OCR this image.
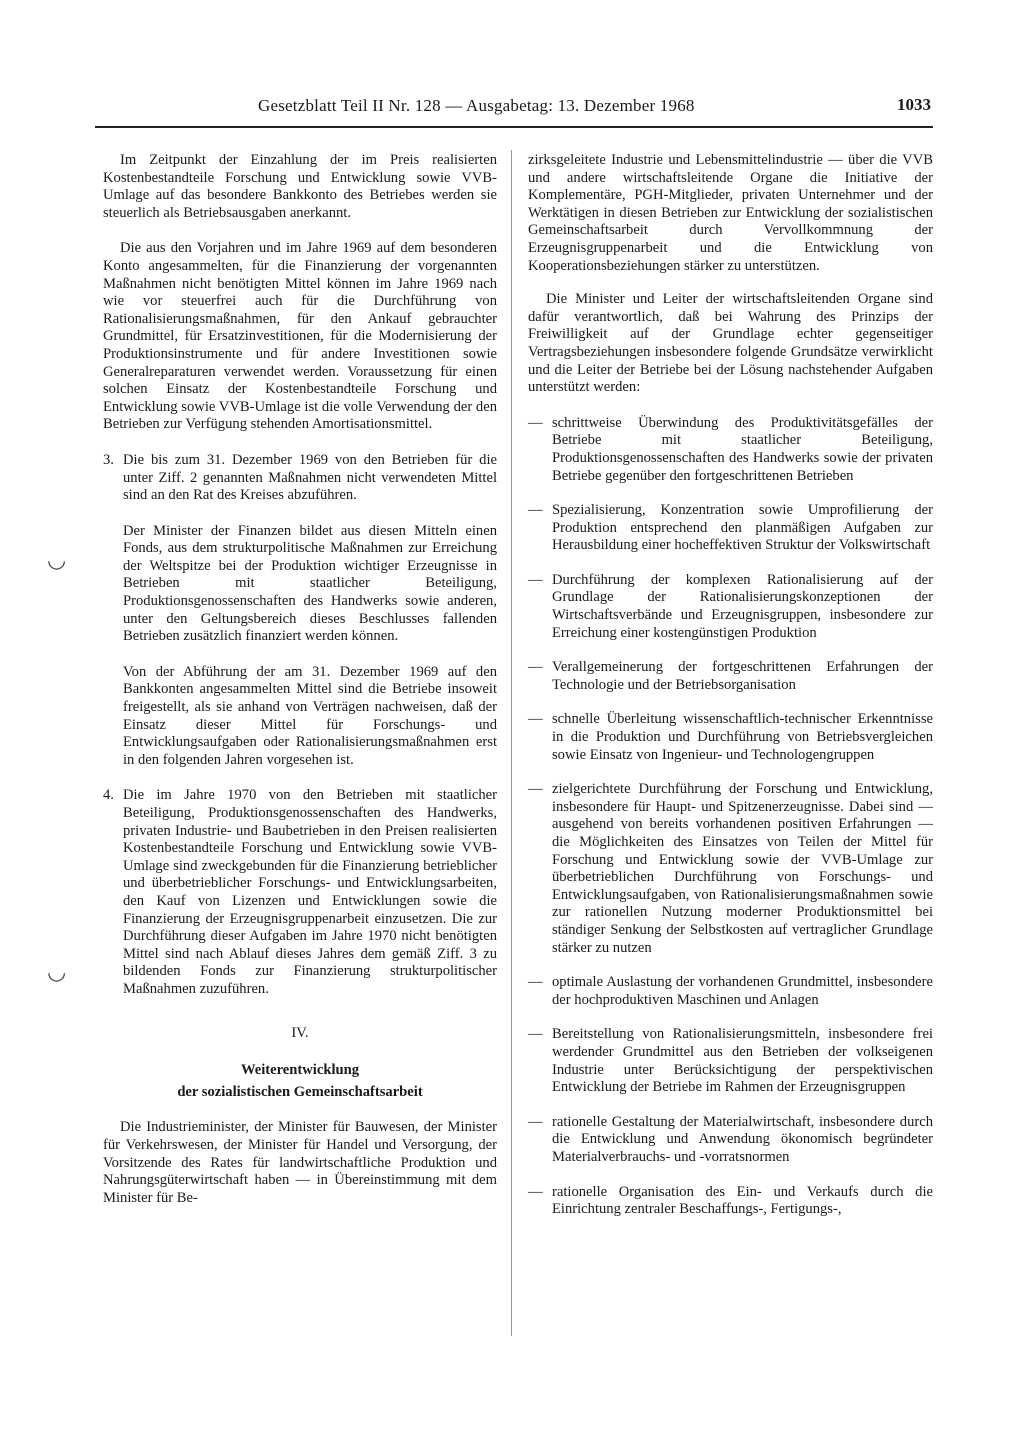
Gesetzblatt Teil II Nr. 128 — Ausgabetag: 13. Dezember 1968	1033
◡
◡

Im Zeitpunkt der Einzahlung der im Preis realisierten Kostenbestandteile Forschung und Entwicklung sowie VVB-Umlage auf das besondere Bankkonto des Betriebes werden sie steuerlich als Betriebsausgaben anerkannt.

Die aus den Vorjahren und im Jahre 1969 auf dem besonderen Konto angesammelten, für die Finanzierung der vorgenannten Maßnahmen nicht benötigten Mittel können im Jahre 1969 nach wie vor steuerfrei auch für die Durchführung von Rationalisierungsmaßnahmen, für den Ankauf gebrauchter Grundmittel, für Ersatzinvestitionen, für die Modernisierung der Produktionsinstrumente und für andere Investitionen sowie Generalreparaturen verwendet werden. Voraussetzung für einen solchen Einsatz der Kostenbestandteile Forschung und Entwicklung sowie VVB-Umlage ist die volle Verwendung der den Betrieben zur Verfügung stehenden Amortisationsmittel.

3. Die bis zum 31. Dezember 1969 von den Betrieben für die unter Ziff. 2 genannten Maßnahmen nicht verwendeten Mittel sind an den Rat des Kreises abzuführen.

Der Minister der Finanzen bildet aus diesen Mitteln einen Fonds, aus dem strukturpolitische Maßnahmen zur Erreichung der Weltspitze bei der Produktion wichtiger Erzeugnisse in Betrieben mit staatlicher Beteiligung, Produktionsgenossenschaften des Handwerks sowie anderen, unter den Geltungsbereich dieses Beschlusses fallenden Betrieben zusätzlich finanziert werden können.

Von der Abführung der am 31. Dezember 1969 auf den Bankkonten angesammelten Mittel sind die Betriebe insoweit freigestellt, als sie anhand von Verträgen nachweisen, daß der Einsatz dieser Mittel für Forschungs- und Entwicklungsaufgaben oder Rationalisierungsmaßnahmen erst in den folgenden Jahren vorgesehen ist.

4. Die im Jahre 1970 von den Betrieben mit staatlicher Beteiligung, Produktionsgenossenschaften des Handwerks, privaten Industrie- und Baubetrieben in den Preisen realisierten Kostenbestandteile Forschung und Entwicklung sowie VVB-Umlage sind zweckgebunden für die Finanzierung betrieblicher und überbetrieblicher Forschungs- und Entwicklungsarbeiten, den Kauf von Lizenzen und Entwicklungen sowie die Finanzierung der Erzeugnisgruppenarbeit einzusetzen. Die zur Durchführung dieser Aufgaben im Jahre 1970 nicht benötigten Mittel sind nach Ablauf dieses Jahres dem gemäß Ziff. 3 zu bildenden Fonds zur Finanzierung strukturpolitischer Maßnahmen zuzuführen.

IV.
Weiterentwicklung
der sozialistischen Gemeinschaftsarbeit

Die Industrieminister, der Minister für Bauwesen, der Minister für Verkehrswesen, der Minister für Handel und Versorgung, der Vorsitzende des Rates für landwirtschaftliche Produktion und Nahrungsgüterwirtschaft haben — in Übereinstimmung mit dem Minister für Be-

zirksgeleitete Industrie und Lebensmittelindustrie — über die VVB und andere wirtschaftsleitende Organe die Initiative der Komplementäre, PGH-Mitglieder, privaten Unternehmer und der Werktätigen in diesen Betrieben zur Entwicklung der sozialistischen Gemeinschaftsarbeit durch Vervollkommnung der Erzeugnisgruppenarbeit und die Entwicklung von Kooperationsbeziehungen stärker zu unterstützen.

Die Minister und Leiter der wirtschaftsleitenden Organe sind dafür verantwortlich, daß bei Wahrung des Prinzips der Freiwilligkeit auf der Grundlage echter gegenseitiger Vertragsbeziehungen insbesondere folgende Grundsätze verwirklicht und die Leiter der Betriebe bei der Lösung nachstehender Aufgaben unterstützt werden:

— schrittweise Überwindung des Produktivitätsgefälles der Betriebe mit staatlicher Beteiligung, Produktionsgenossenschaften des Handwerks sowie der privaten Betriebe gegenüber den fortgeschrittenen Betrieben
— Spezialisierung, Konzentration sowie Umprofilierung der Produktion entsprechend den planmäßigen Aufgaben zur Herausbildung einer hocheffektiven Struktur der Volkswirtschaft
— Durchführung der komplexen Rationalisierung auf der Grundlage der Rationalisierungskonzeptionen der Wirtschaftsverbände und Erzeugnisgruppen, insbesondere zur Erreichung einer kostengünstigen Produktion
— Verallgemeinerung der fortgeschrittenen Erfahrungen der Technologie und der Betriebsorganisation
— schnelle Überleitung wissenschaftlich-technischer Erkenntnisse in die Produktion und Durchführung von Betriebsvergleichen sowie Einsatz von Ingenieur- und Technologengruppen
— zielgerichtete Durchführung der Forschung und Entwicklung, insbesondere für Haupt- und Spitzenerzeugnisse. Dabei sind — ausgehend von bereits vorhandenen positiven Erfahrungen — die Möglichkeiten des Einsatzes von Teilen der Mittel für Forschung und Entwicklung sowie der VVB-Umlage zur überbetrieblichen Durchführung von Forschungs- und Entwicklungsaufgaben, von Rationalisierungsmaßnahmen sowie zur rationellen Nutzung moderner Produktionsmittel bei ständiger Senkung der Selbstkosten auf vertraglicher Grundlage stärker zu nutzen
— optimale Auslastung der vorhandenen Grundmittel, insbesondere der hochproduktiven Maschinen und Anlagen
— Bereitstellung von Rationalisierungsmitteln, insbesondere frei werdender Grundmittel aus den Betrieben der volkseigenen Industrie unter Berücksichtigung der perspektivischen Entwicklung der Betriebe im Rahmen der Erzeugnisgruppen
— rationelle Gestaltung der Materialwirtschaft, insbesondere durch die Entwicklung und Anwendung ökonomisch begründeter Materialverbrauchs- und -vorratsnormen
— rationelle Organisation des Ein- und Verkaufs durch die Einrichtung zentraler Beschaffungs-, Fertigungs-,
